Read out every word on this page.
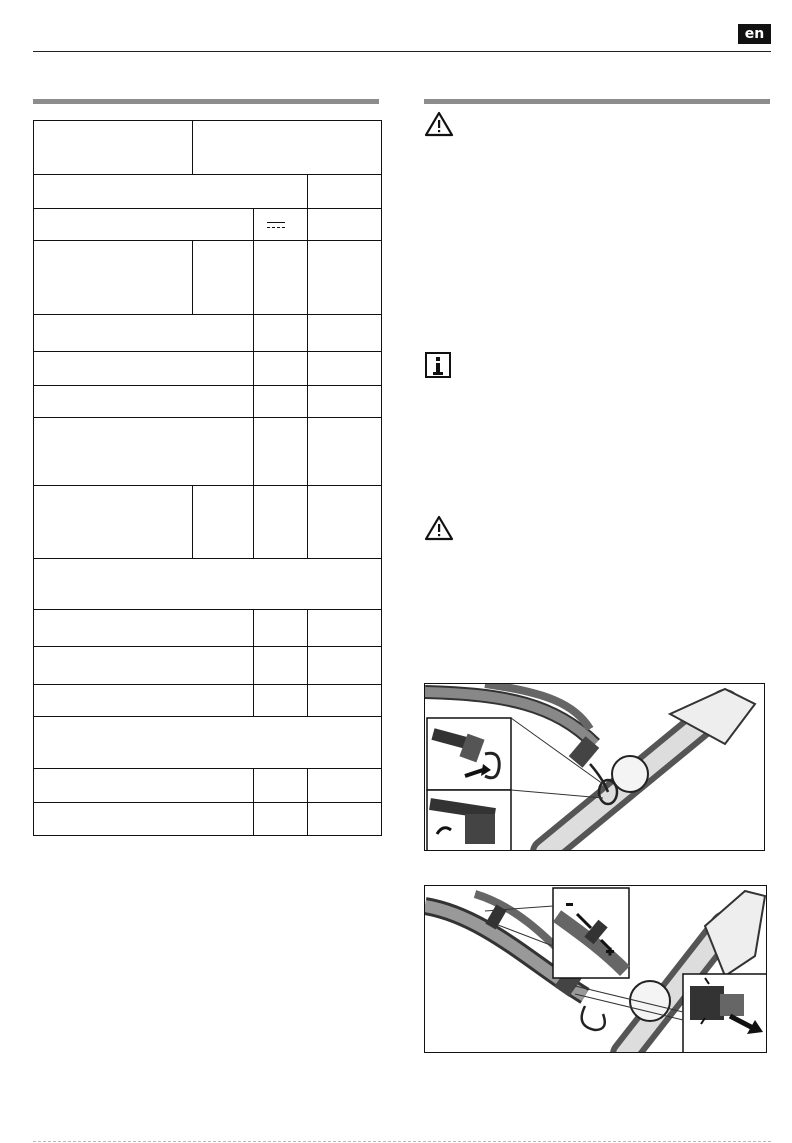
en
